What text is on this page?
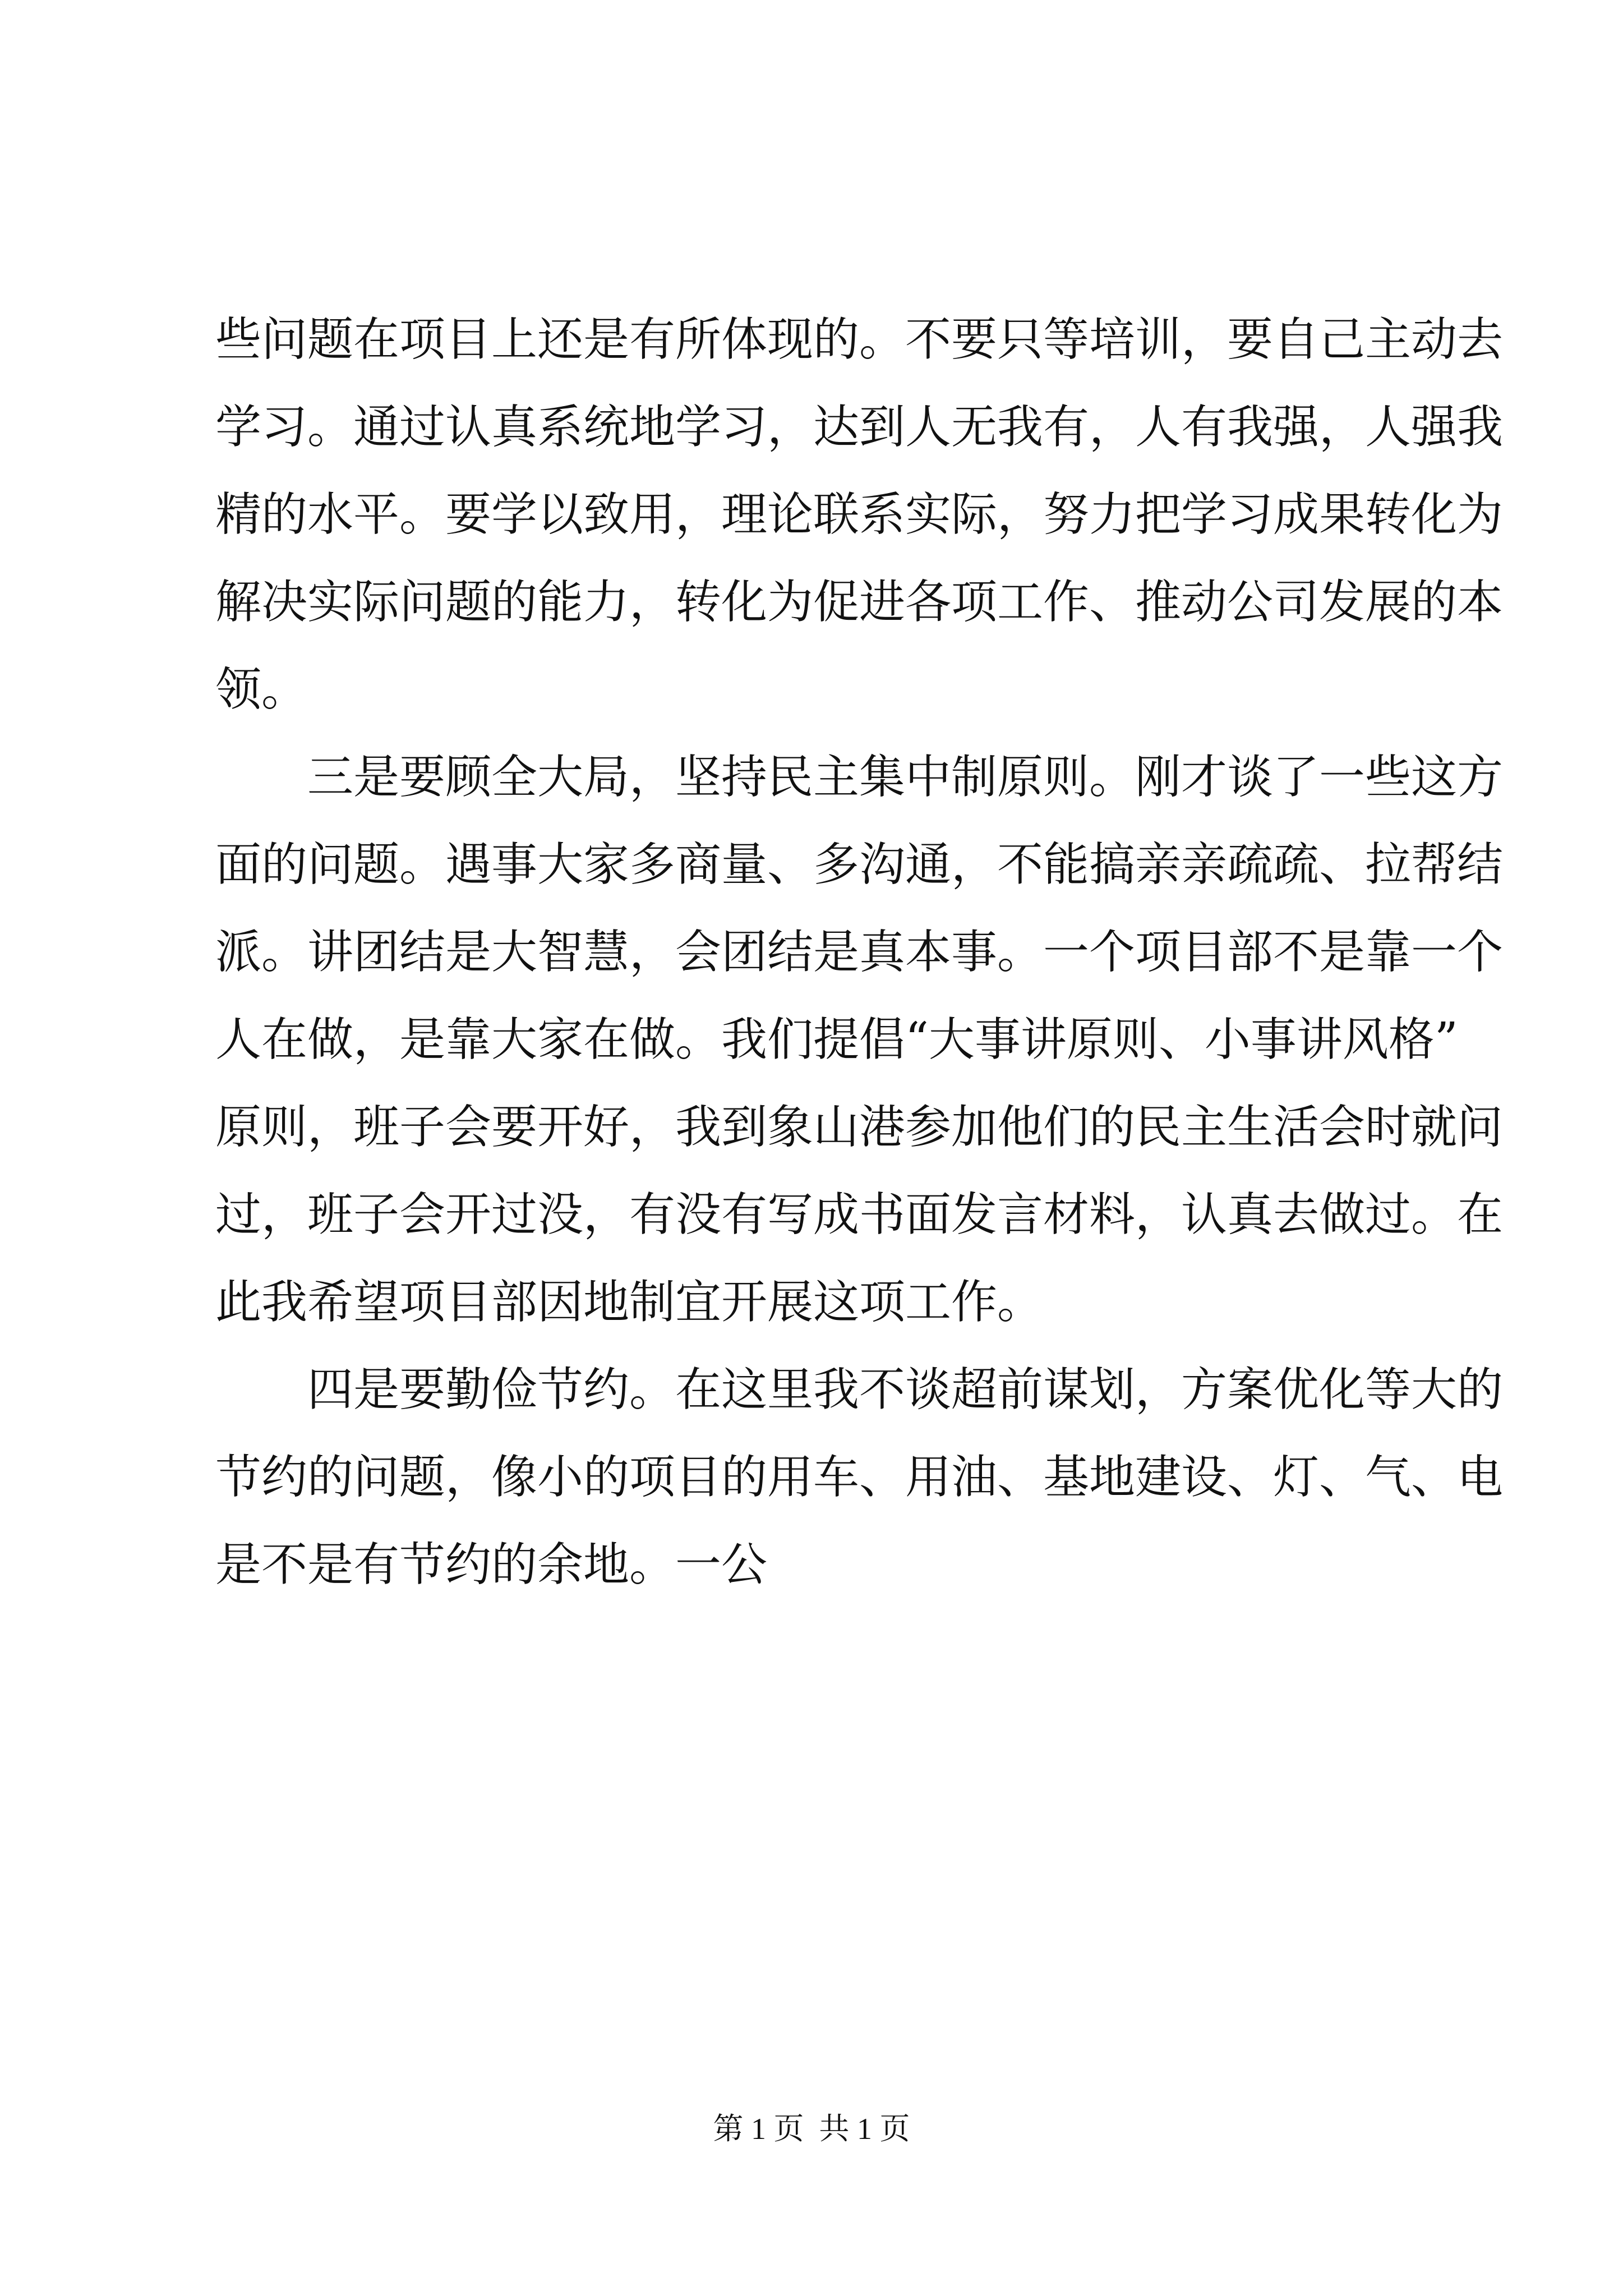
些问题在项目上还是有所体现的。不要只等培训，要自己主动去
学习。通过认真系统地学习，达到人无我有，人有我强，人强我
精的水平。要学以致用，理论联系实际，努力把学习成果转化为
解决实际问题的能力，转化为促进各项工作、推动公司发展的本
领。
三是要顾全大局，坚持民主集中制原则。刚才谈了一些这方
面的问题。遇事大家多商量、多沟通，不能搞亲亲疏疏、拉帮结
派。讲团结是大智慧，会团结是真本事。一个项目部不是靠一个
人在做，是靠大家在做。我们提倡“大事讲原则、小事讲风格”
原则，班子会要开好，我到象山港参加他们的民主生活会时就问
过，班子会开过没，有没有写成书面发言材料，认真去做过。在
此我希望项目部因地制宜开展这项工作。
四是要勤俭节约。在这里我不谈超前谋划，方案优化等大的
节约的问题，像小的项目的用车、用油、基地建设、灯、气、电
是不是有节约的余地。一公
第 1 页  共 1 页
